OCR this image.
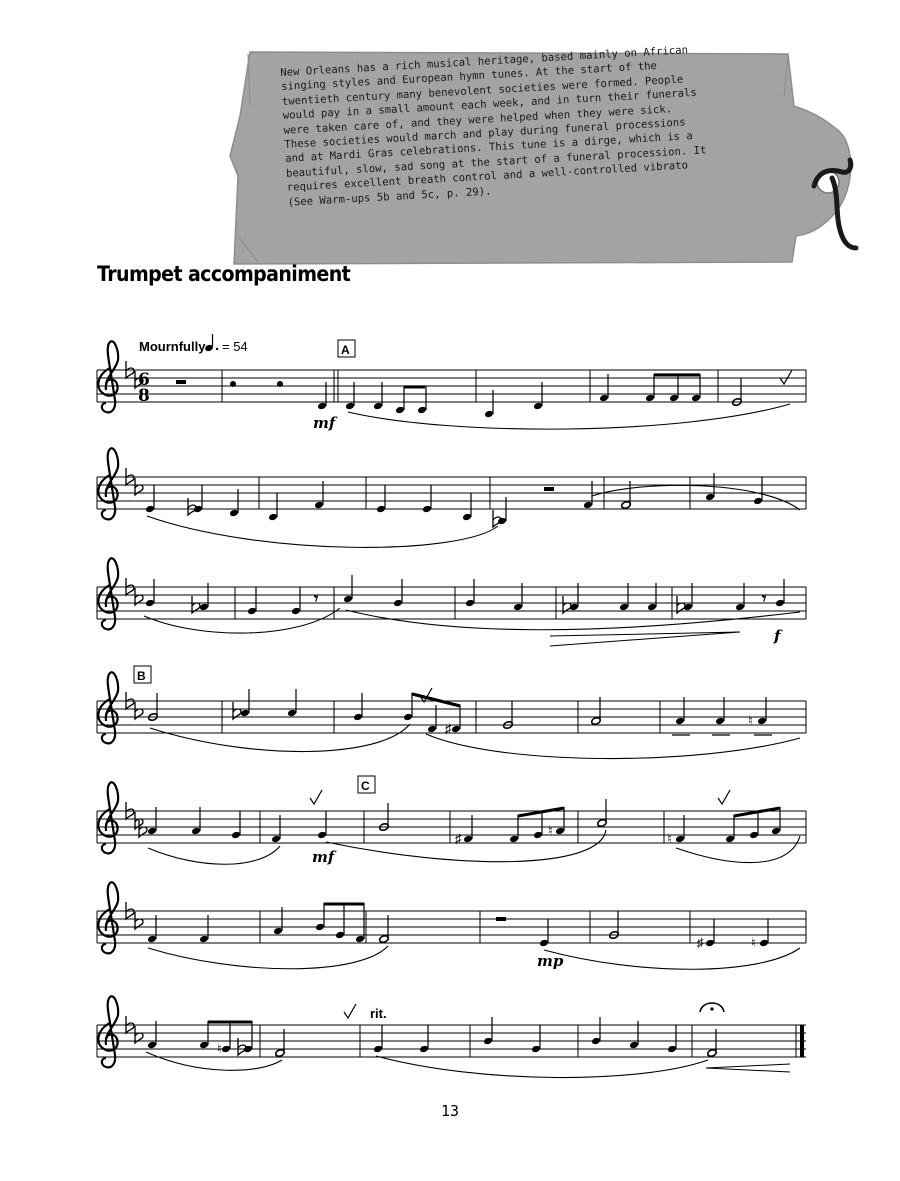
New Orleans has a rich musical heritage, based mainly on African
singing styles and European hymn tunes. At the start of the
twentieth century many benevolent societies were formed. People
would pay in a small amount each week, and in turn their funerals
were taken care of, and they were helped when they were sick.
These societies would march and play during funeral processions
and at Mardi Gras celebrations. This tune is a dirge, which is a
beautiful, slow, sad song at the start of a funeral procession. It
requires excellent breath control and a well-controlled vibrato
(See Warm-ups 5b and 5c, p. 29).
Trumpet accompaniment
6
8
Mournfully = 54	A
mf
𝄾	𝄾
f
B
♯
♮
C
♯
♮
♮
mf
♯	♮
mp
rit.
♮
13
